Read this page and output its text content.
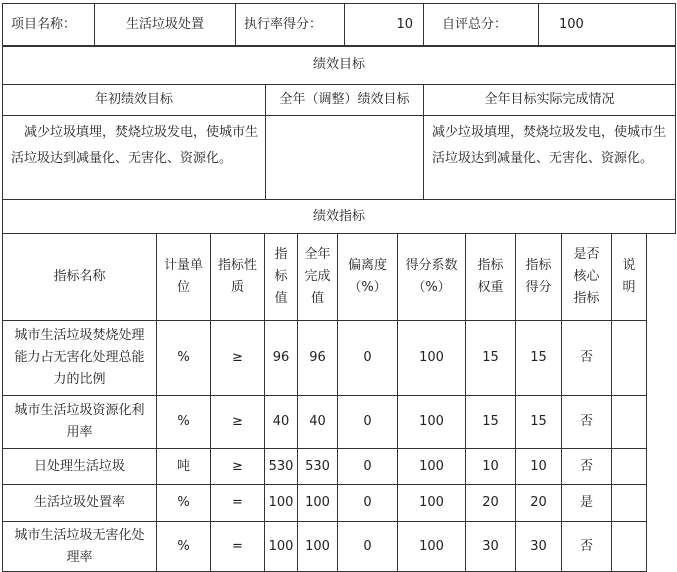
项目名称：	生活垃圾处置	执行率得分：	10	自评总分：	100
绩效目标		
年初绩效目标	全年（调整）绩效目标	全年目标实际完成情况
　减少垃圾填埋，焚烧垃圾发电，使城市生活垃圾达到减量化、无害化、资源化。		减少垃圾填埋，焚烧垃圾发电，使城市生活垃圾达到减量化、无害化、资源化。
绩效指标		
指标名称	计量单位	指标性质	指标值	全年完成值	偏离度（%）	得分系数（%）	指标权重	指标得分	是否核心指标	说明
城市生活垃圾焚烧处理能力占无害化处理总能力的比例	%	≥	96	96	0	100	15	15	否	
城市生活垃圾资源化利用率	%	≥	40	40	0	100	15	15	否	
日处理生活垃圾	吨	≥	530	530	0	100	10	10	否	
生活垃圾处置率	%	=	100	100	0	100	20	20	是	
城市生活垃圾无害化处理率	%	=	100	100	0	100	30	30	否	
